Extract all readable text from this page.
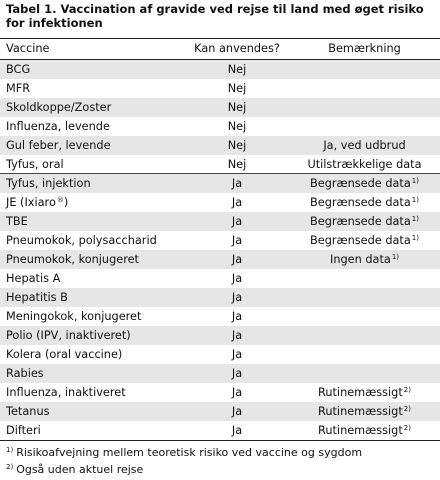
Tabel 1. Vaccination af gravide ved rejse til land med øget risiko for infektionen
Vaccine	Kan anvendes?	Bemærkning
BCG	Nej
MFR	Nej
Skoldkoppe/Zoster	Nej
Influenza, levende	Nej
Gul feber, levende	Nej	Ja, ved udbrud
Tyfus, oral	Nej	Utilstrækkelige data
Tyfus, injektion	Ja	Begrænsede data$^{1)}$
JE (Ixiaro®)	Ja	Begrænsede data$^{1)}$
TBE	Ja	Begrænsede data$^{1)}$
Pneumokok, polysaccharid	Ja	Begrænsede data$^{1)}$
Pneumokok, konjugeret	Ja	Ingen data$^{1)}$
Hepatis A	Ja
Hepatitis B	Ja
Meningokok, konjugeret	Ja
Polio (IPV, inaktiveret)	Ja
Kolera (oral vaccine)	Ja
Rabies	Ja
Influenza, inaktiveret	Ja	Rutinemæssigt$^{2)}$
Tetanus	Ja	Rutinemæssigt$^{2)}$
Difteri	Ja	Rutinemæssigt$^{2)}$
$^{1)}$ Risikoafvejning mellem teoretisk risiko ved vaccine og sygdom
$^{2)}$ Også uden aktuel rejse
